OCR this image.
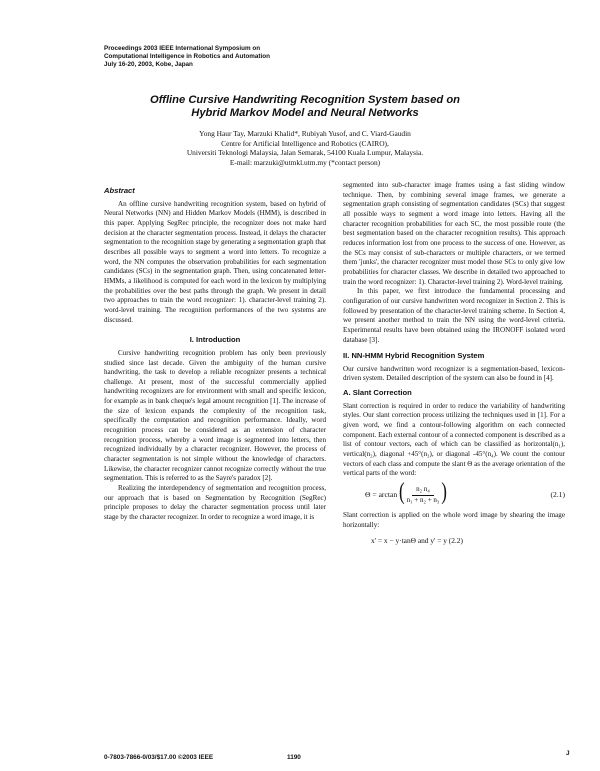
Proceedings 2003 IEEE International Symposium on
Computational Intelligence in Robotics and Automation
July 16-20, 2003, Kobe, Japan
Offline Cursive Handwriting Recognition System based on
Hybrid Markov Model and Neural Networks
Yong Haur Tay, Marzuki Khalid*, Rubiyah Yusof, and C. Viard-Gaudin
Centre for Artificial Intelligence and Robotics (CAIRO),
Universiti Teknologi Malaysia, Jalan Semarak, 54100 Kuala Lumpur, Malaysia.
E-mail: marzuki@utmkl.utm.my (*contact person)
Abstract

An offline cursive handwriting recognition system, based on hybrid of Neural Networks (NN) and Hidden Markov Models (HMM), is described in this paper. Applying SegRec principle, the recognizer does not make hard decision at the character segmentation process. Instead, it delays the character segmentation to the recognition stage by generating a segmentation graph that describes all possible ways to segment a word into letters. To recognize a word, the NN computes the observation probabilities for each segmentation candidates (SCs) in the segmentation graph. Then, using concatenated letter-HMMs, a likelihood is computed for each word in the lexicon by multiplying the probabilities over the best paths through the graph. We present in detail two approaches to train the word recognizer: 1). character-level training 2). word-level training. The recognition performances of the two systems are discussed.

I. Introduction

Cursive handwriting recognition problem has only been previously studied since last decade. Given the ambiguity of the human cursive handwriting, the task to develop a reliable recognizer presents a technical challenge. At present, most of the successful commercially applied handwriting recognizers are for environment with small and specific lexicon, for example as in bank cheque's legal amount recognition [1]. The increase of the size of lexicon expands the complexity of the recognition task, specifically the computation and recognition performance. Ideally, word recognition process can be considered as an extension of character recognition process, whereby a word image is segmented into letters, then recognized individually by a character recognizer. However, the process of character segmentation is not simple without the knowledge of characters. Likewise, the character recognizer cannot recognize correctly without the true segmentation. This is referred to as the Sayre's paradox [2].

Realizing the interdependency of segmentation and recognition process, our approach that is based on Segmentation by Recognition (SegRec) principle proposes to delay the character segmentation process until later stage by the character recognizer. In order to recognize a word image, it is

segmented into sub-character image frames using a fast sliding window technique. Then, by combining several image frames, we generate a segmentation graph consisting of segmentation candidates (SCs) that suggest all possible ways to segment a word image into letters. Having all the character recognition probabilities for each SC, the most possible route (the best segmentation based on the character recognition results). This approach reduces information lost from one process to the success of one. However, as the SCs may consist of sub-characters or multiple characters, or we termed them 'junks', the character recognizer must model those SCs to only give low probabilities for character classes. We describe in detailed two approached to train the word recognizer: 1). Character-level training 2). Word-level training.

In this paper, we first introduce the fundamental processing and configuration of our cursive handwritten word recognizer in Section 2. This is followed by presentation of the character-level training scheme. In Section 4, we present another method to train the NN using the word-level criteria. Experimental results have been obtained using the IRONOFF isolated word database [3].

II. NN-HMM Hybrid Recognition System

Our cursive handwritten word recognizer is a segmentation-based, lexicon-driven system. Detailed description of the system can also be found in [4].

A. Slant Correction

Slant correction is required in order to reduce the variability of handwriting styles. Our slant correction process utilizing the techniques used in [1]. For a given word, we find a contour-following algorithm on each connected component. Each external contour of a connected component is described as a list of contour vectors, each of which can be classified as horizontal(n₁), vertical(n₂), diagonal +45°(n₃), or diagonal -45°(n₄). We count the contour vectors of each class and compute the slant Θ as the average orientation of the vertical parts of the word:

Θ = arctan ( $\frac{\text{n₂ n₄}}{\text{n₁ + n₂ + n₃}}$ )	(2.1)

Slant correction is applied on the whole word image by shearing the image horizontally:

x' = x − y·tanΘ and y' = y (2.2)
0-7803-7866-0/03/$17.00 ©2003 IEEE	1190
J
